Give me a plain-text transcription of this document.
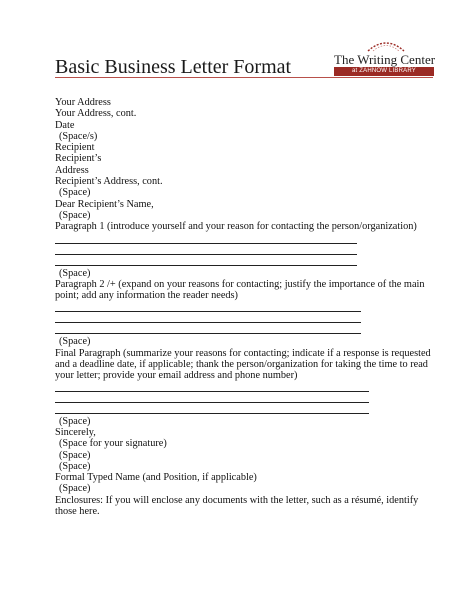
Basic Business Letter Format	The Writing Center
at ZAHNOW LIBRARY
Your Address
Your Address, cont.
Date
(Space/s)
Recipient
Recipient’s
Address
Recipient’s Address, cont.
(Space)
Dear Recipient’s Name,
(Space)
Paragraph 1 (introduce yourself and your reason for contacting the person/organization)
(Space)
Paragraph 2 /+ (expand on your reasons for contacting; justify the importance of the main point; add any information the reader needs)
(Space)
Final Paragraph (summarize your reasons for contacting; indicate if a response is requested and a deadline date, if applicable; thank the person/organization for taking the time to read your letter; provide your email address and phone number)
(Space)
Sincerely,
(Space for your signature)
(Space)
(Space)
Formal Typed Name (and Position, if applicable)
(Space)
Enclosures: If you will enclose any documents with the letter, such as a résumé, identify those here.
